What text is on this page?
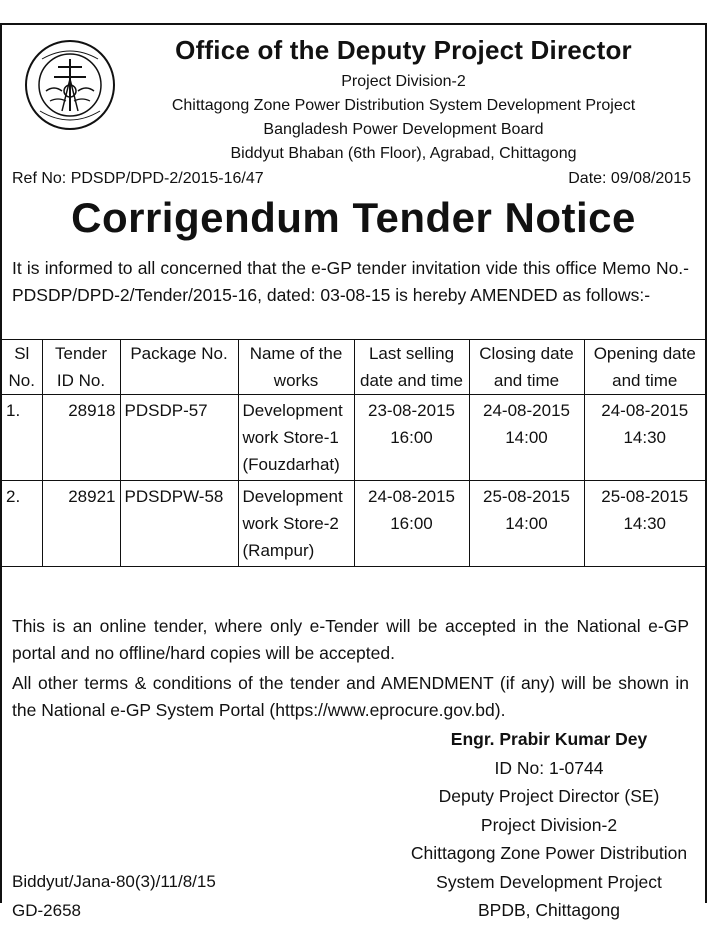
Office of the Deputy Project Director
Project Division-2
Chittagong Zone Power Distribution System Development Project
Bangladesh Power Development Board
Biddyut Bhaban (6th Floor), Agrabad, Chittagong
Ref No: PDSDP/DPD-2/2015-16/47	Date: 09/08/2015
Corrigendum Tender Notice
It is informed to all concerned that the e-GP tender invitation vide this office Memo No.-PDSDP/DPD-2/Tender/2015-16, dated: 03-08-15 is hereby AMENDED as follows:-
Sl No.	Tender ID No.	Package No.	Name of the works	Last selling date and time	Closing date and time	Opening date and time
1.	28918	PDSDP-57	Development work Store-1 (Fouzdarhat)	23-08-2015 16:00	24-08-2015 14:00	24-08-2015 14:30
2.	28921	PDSDPW-58	Development work Store-2 (Rampur)	24-08-2015 16:00	25-08-2015 14:00	25-08-2015 14:30
This is an online tender, where only e-Tender will be accepted in the National e-GP portal and no offline/hard copies will be accepted.
All other terms & conditions of the tender and AMENDMENT (if any) will be shown in the National e-GP System Portal (https://www.eprocure.gov.bd).
Engr. Prabir Kumar Dey
ID No: 1-0744
Deputy Project Director (SE)
Project Division-2
Chittagong Zone Power Distribution
System Development Project
BPDB, Chittagong
Biddyut/Jana-80(3)/11/8/15
GD-2658
